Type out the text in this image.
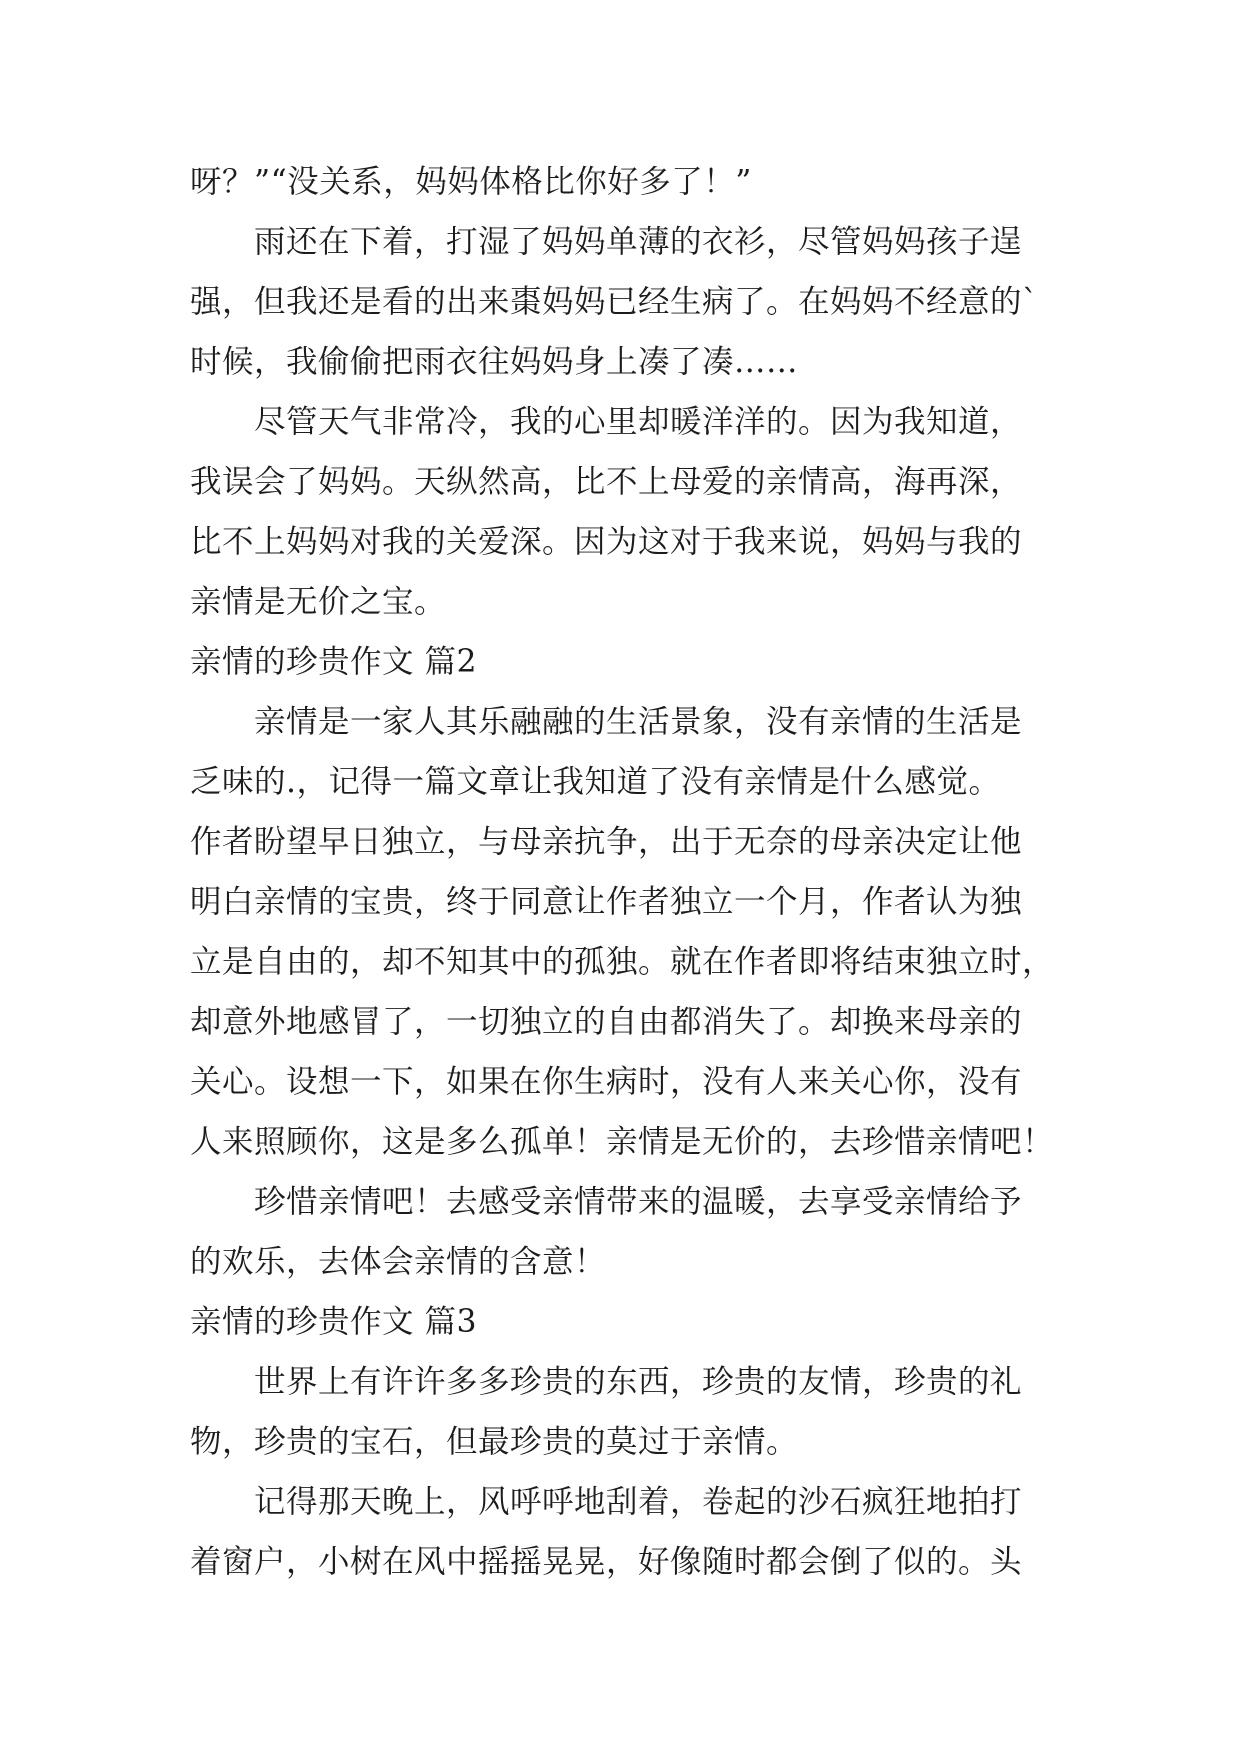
呀？”“没关系，妈妈体格比你好多了！”
雨还在下着，打湿了妈妈单薄的衣衫，尽管妈妈孩子逞
强，但我还是看的出来棗妈妈已经生病了。在妈妈不经意的`
时候，我偷偷把雨衣往妈妈身上凑了凑……
尽管天气非常冷，我的心里却暖洋洋的。因为我知道，
我误会了妈妈。天纵然高，比不上母爱的亲情高，海再深，
比不上妈妈对我的关爱深。因为这对于我来说，妈妈与我的
亲情是无价之宝。
亲情的珍贵作文 篇2
亲情是一家人其乐融融的生活景象，没有亲情的生活是
乏味的.，记得一篇文章让我知道了没有亲情是什么感觉。
作者盼望早日独立，与母亲抗争，出于无奈的母亲决定让他
明白亲情的宝贵，终于同意让作者独立一个月，作者认为独
立是自由的，却不知其中的孤独。就在作者即将结束独立时，
却意外地感冒了，一切独立的自由都消失了。却换来母亲的
关心。设想一下，如果在你生病时，没有人来关心你，没有
人来照顾你，这是多么孤单！亲情是无价的，去珍惜亲情吧！
珍惜亲情吧！去感受亲情带来的温暖，去享受亲情给予
的欢乐，去体会亲情的含意！
亲情的珍贵作文 篇3
世界上有许许多多珍贵的东西，珍贵的友情，珍贵的礼
物，珍贵的宝石，但最珍贵的莫过于亲情。
记得那天晚上，风呼呼地刮着，卷起的沙石疯狂地拍打
着窗户，小树在风中摇摇晃晃，好像随时都会倒了似的。头
